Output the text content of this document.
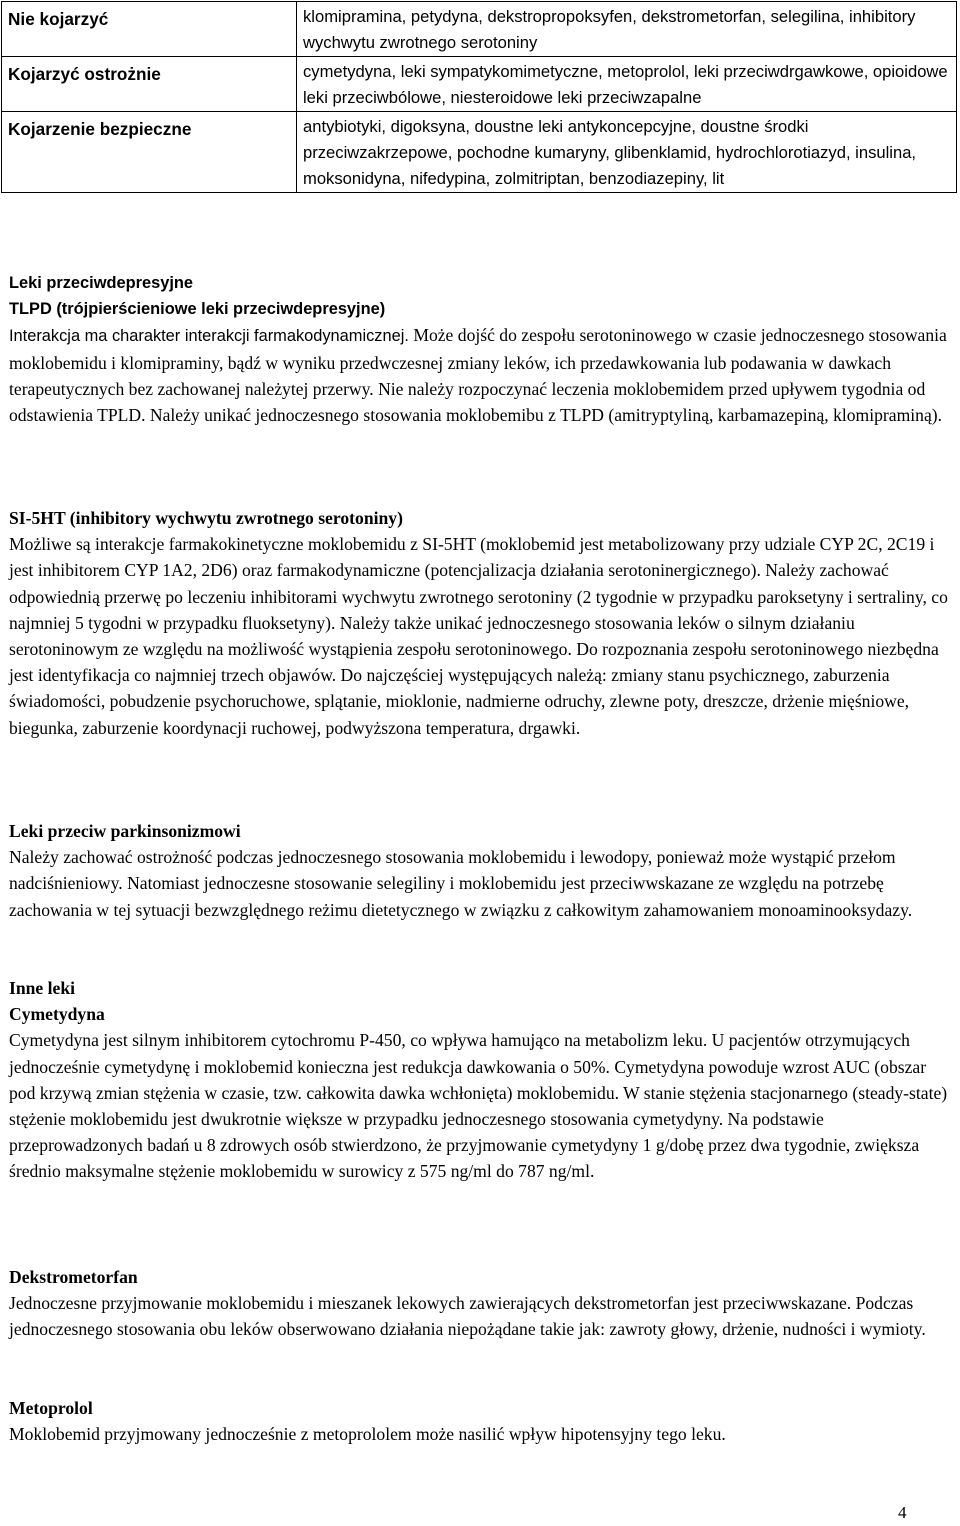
Nie kojarzyć	klomipramina, petydyna, dekstropropoksyfen, dekstrometorfan, selegilina, inhibitory wychwytu zwrotnego serotoniny
Kojarzyć ostrożnie	cymetydyna, leki sympatykomimetyczne, metoprolol, leki przeciwdrgawkowe, opioidowe leki przeciwbólowe, niesteroidowe leki przeciwzapalne
Kojarzenie bezpieczne	antybiotyki, digoksyna, doustne leki antykoncepcyjne, doustne środki przeciwzakrzepowe, pochodne kumaryny, glibenklamid, hydrochlorotiazyd, insulina, moksonidyna, nifedypina, zolmitriptan, benzodiazepiny, lit
Leki przeciwdepresyjne
TLPD (trójpierścieniowe leki przeciwdepresyjne)
Interakcja ma charakter interakcji farmakodynamicznej. Może dojść do zespołu serotoninowego w czasie jednoczesnego stosowania moklobemidu i klomipraminy, bądź w wyniku przedwczesnej zmiany leków, ich przedawkowania lub podawania w dawkach terapeutycznych bez zachowanej należytej przerwy. Nie należy rozpoczynać leczenia moklobemidem przed upływem tygodnia od odstawienia TPLD. Należy unikać jednoczesnego stosowania moklobemibu z TLPD (amitryptyliną, karbamazepiną, klomipraminą).
SI-5HT (inhibitory wychwytu zwrotnego serotoniny)
Możliwe są interakcje farmakokinetyczne moklobemidu z SI-5HT (moklobemid jest metabolizowany przy udziale CYP 2C, 2C19 i jest inhibitorem CYP 1A2, 2D6) oraz farmakodynamiczne (potencjalizacja działania serotoninergicznego). Należy zachować odpowiednią przerwę po leczeniu inhibitorami wychwytu zwrotnego serotoniny (2 tygodnie w przypadku paroksetyny i sertraliny, co najmniej 5 tygodni w przypadku fluoksetyny). Należy także unikać jednoczesnego stosowania leków o silnym działaniu serotoninowym ze względu na możliwość wystąpienia zespołu serotoninowego. Do rozpoznania zespołu serotoninowego niezbędna jest identyfikacja co najmniej trzech objawów. Do najczęściej występujących należą: zmiany stanu psychicznego, zaburzenia świadomości, pobudzenie psychoruchowe, splątanie, mioklonie, nadmierne odruchy, zlewne poty, dreszcze, drżenie mięśniowe, biegunka, zaburzenie koordynacji ruchowej, podwyższona temperatura, drgawki.
Leki przeciw parkinsonizmowi
Należy zachować ostrożność podczas jednoczesnego stosowania moklobemidu i lewodopy, ponieważ może wystąpić przełom nadciśnieniowy. Natomiast jednoczesne stosowanie selegiliny i moklobemidu jest przeciwwskazane ze względu na potrzebę zachowania w tej sytuacji bezwzględnego reżimu dietetycznego w związku z całkowitym zahamowaniem monoaminooksydazy.
Inne leki
Cymetydyna
Cymetydyna jest silnym inhibitorem cytochromu P-450, co wpływa hamująco na metabolizm leku. U pacjentów otrzymujących jednocześnie cymetydynę i moklobemid konieczna jest redukcja dawkowania o 50%. Cymetydyna powoduje wzrost AUC (obszar pod krzywą zmian stężenia w czasie, tzw. całkowita dawka wchłonięta) moklobemidu. W stanie stężenia stacjonarnego (steady-state) stężenie moklobemidu jest dwukrotnie większe w przypadku jednoczesnego stosowania cymetydyny. Na podstawie przeprowadzonych badań u 8 zdrowych osób stwierdzono, że przyjmowanie cymetydyny 1 g/dobę przez dwa tygodnie, zwiększa średnio maksymalne stężenie moklobemidu w surowicy z 575 ng/ml do 787 ng/ml.
Dekstrometorfan
Jednoczesne przyjmowanie moklobemidu i mieszanek lekowych zawierających dekstrometorfan jest przeciwwskazane. Podczas jednoczesnego stosowania obu leków obserwowano działania niepożądane takie jak: zawroty głowy, drżenie, nudności i wymioty.
Metoprolol
Moklobemid przyjmowany jednocześnie z metoprololem może nasilić wpływ hipotensyjny tego leku.
4
